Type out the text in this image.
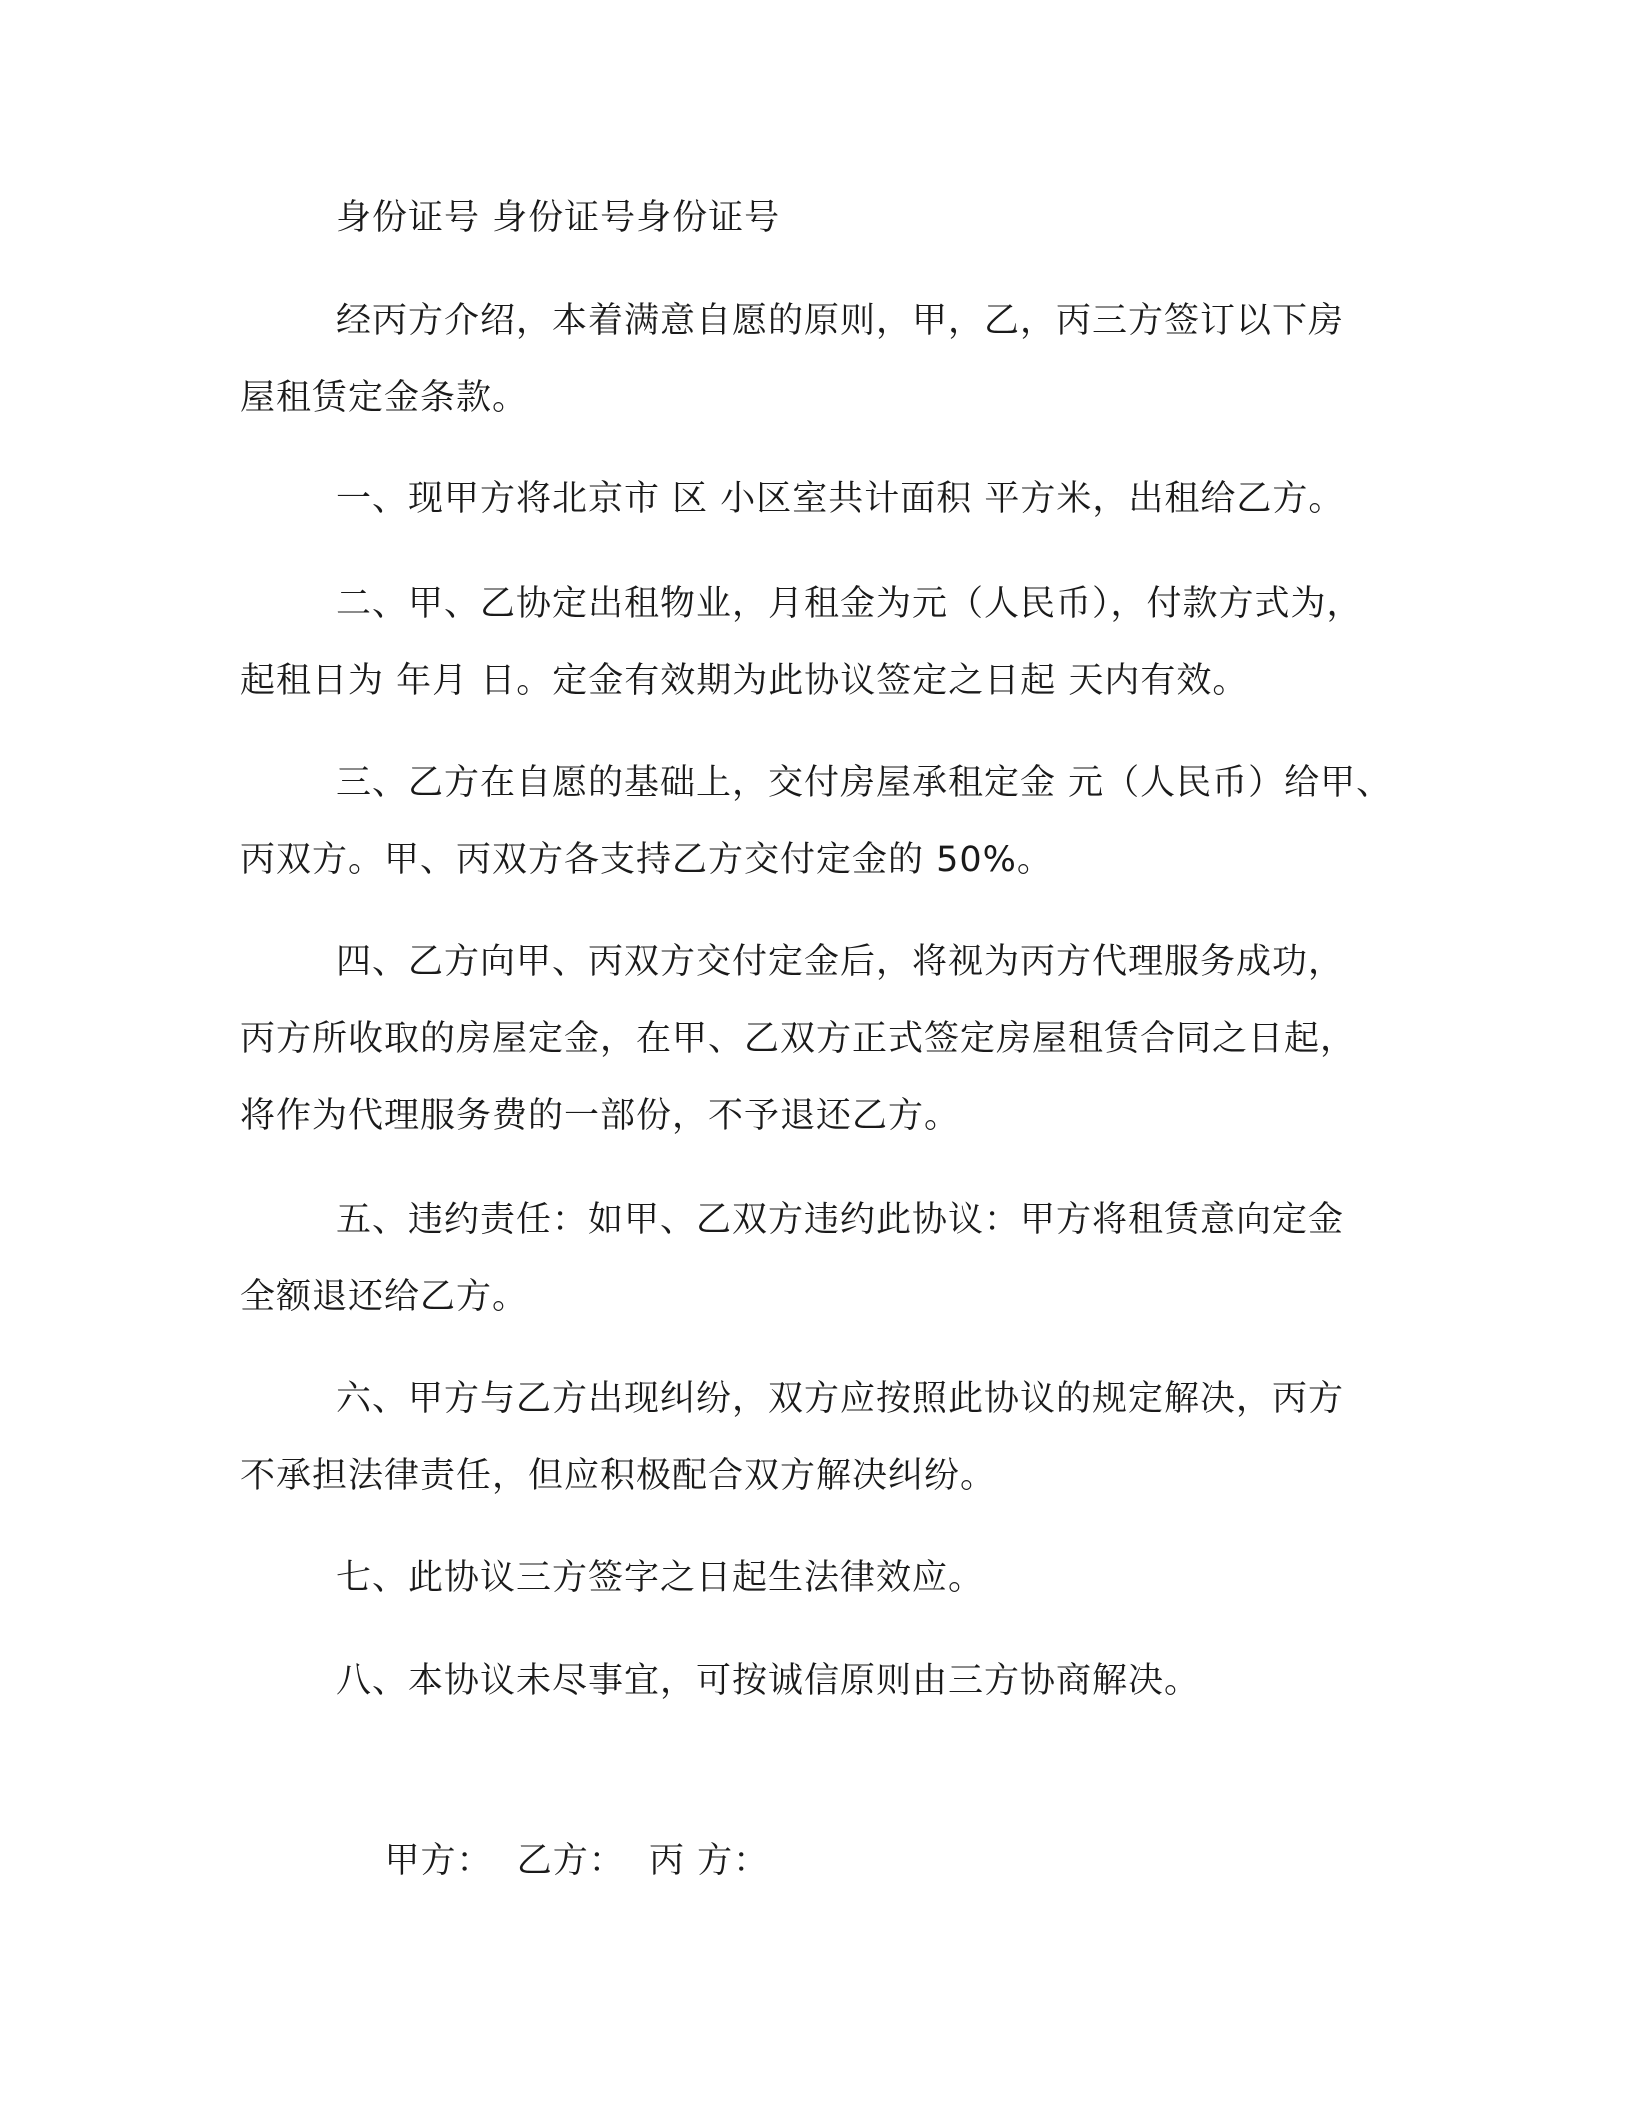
身份证号 身份证号身份证号

经丙方介绍，本着满意自愿的原则，甲，乙，丙三方签订以下房
屋租赁定金条款。

一、现甲方将北京市 区 小区室共计面积 平方米，出租给乙方。

二、甲、乙协定出租物业，月租金为元（人民币），付款方式为，
起租日为 年月 日。定金有效期为此协议签定之日起 天内有效。

三、乙方在自愿的基础上，交付房屋承租定金 元（人民币）给甲、
丙双方。甲、丙双方各支持乙方交付定金的 50%。

四、乙方向甲、丙双方交付定金后，将视为丙方代理服务成功，
丙方所收取的房屋定金，在甲、乙双方正式签定房屋租赁合同之日起，
将作为代理服务费的一部份，不予退还乙方。

五、违约责任：如甲、乙双方违约此协议：甲方将租赁意向定金
全额退还给乙方。

六、甲方与乙方出现纠纷，双方应按照此协议的规定解决，丙方
不承担法律责任，但应积极配合双方解决纠纷。

七、此协议三方签字之日起生法律效应。

八、本协议未尽事宜，可按诚信原则由三方协商解决。

甲方：  乙方：  丙 方：
